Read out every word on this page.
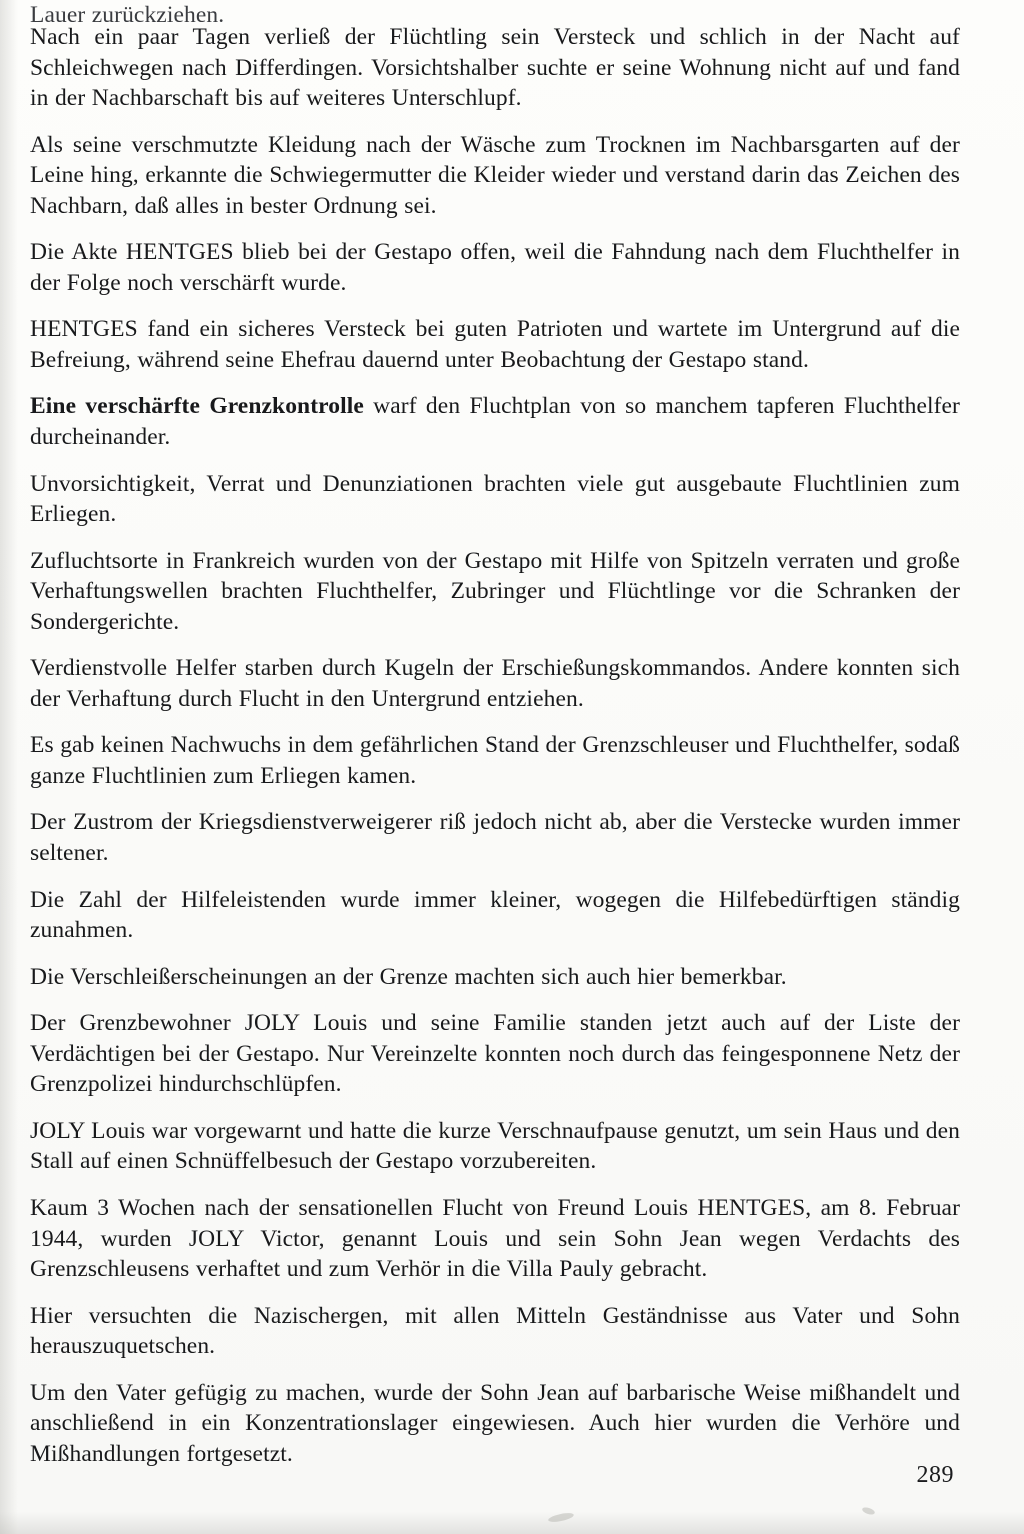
Lauer zurückziehen.

Nach ein paar Tagen verließ der Flüchtling sein Versteck und schlich in der Nacht auf Schleichwegen nach Differdingen. Vorsichtshalber suchte er seine Wohnung nicht auf und fand in der Nachbarschaft bis auf weiteres Unterschlupf.

Als seine verschmutzte Kleidung nach der Wäsche zum Trocknen im Nachbarsgarten auf der Leine hing, erkannte die Schwiegermutter die Kleider wieder und verstand darin das Zeichen des Nachbarn, daß alles in bester Ordnung sei.

Die Akte HENTGES blieb bei der Gestapo offen, weil die Fahndung nach dem Fluchthelfer in der Folge noch verschärft wurde.

HENTGES fand ein sicheres Versteck bei guten Patrioten und wartete im Untergrund auf die Befreiung, während seine Ehefrau dauernd unter Beobachtung der Gestapo stand.

Eine verschärfte Grenzkontrolle warf den Fluchtplan von so manchem tapferen Fluchthelfer durcheinander.

Unvorsichtigkeit, Verrat und Denunziationen brachten viele gut ausgebaute Fluchtlinien zum Erliegen.

Zufluchtsorte in Frankreich wurden von der Gestapo mit Hilfe von Spitzeln verraten und große Verhaftungswellen brachten Fluchthelfer, Zubringer und Flüchtlinge vor die Schranken der Sondergerichte.

Verdienstvolle Helfer starben durch Kugeln der Erschießungskommandos. Andere konnten sich der Verhaftung durch Flucht in den Untergrund entziehen.

Es gab keinen Nachwuchs in dem gefährlichen Stand der Grenzschleuser und Fluchthelfer, sodaß ganze Fluchtlinien zum Erliegen kamen.

Der Zustrom der Kriegsdienstverweigerer riß jedoch nicht ab, aber die Verstecke wurden immer seltener.

Die Zahl der Hilfeleistenden wurde immer kleiner, wogegen die Hilfebedürftigen ständig zunahmen.

Die Verschleißerscheinungen an der Grenze machten sich auch hier bemerkbar.

Der Grenzbewohner JOLY Louis und seine Familie standen jetzt auch auf der Liste der Verdächtigen bei der Gestapo. Nur Vereinzelte konnten noch durch das feingesponnene Netz der Grenzpolizei hindurchschlüpfen.

JOLY Louis war vorgewarnt und hatte die kurze Verschnaufpause genutzt, um sein Haus und den Stall auf einen Schnüffelbesuch der Gestapo vorzubereiten.

Kaum 3 Wochen nach der sensationellen Flucht von Freund Louis HENTGES, am 8. Februar 1944, wurden JOLY Victor, genannt Louis und sein Sohn Jean wegen Verdachts des Grenzschleusens verhaftet und zum Verhör in die Villa Pauly gebracht.

Hier versuchten die Nazischergen, mit allen Mitteln Geständnisse aus Vater und Sohn herauszuquetschen.

Um den Vater gefügig zu machen, wurde der Sohn Jean auf barbarische Weise mißhandelt und anschließend in ein Konzentrationslager eingewiesen. Auch hier wurden die Verhöre und Mißhandlungen fortgesetzt.

289
